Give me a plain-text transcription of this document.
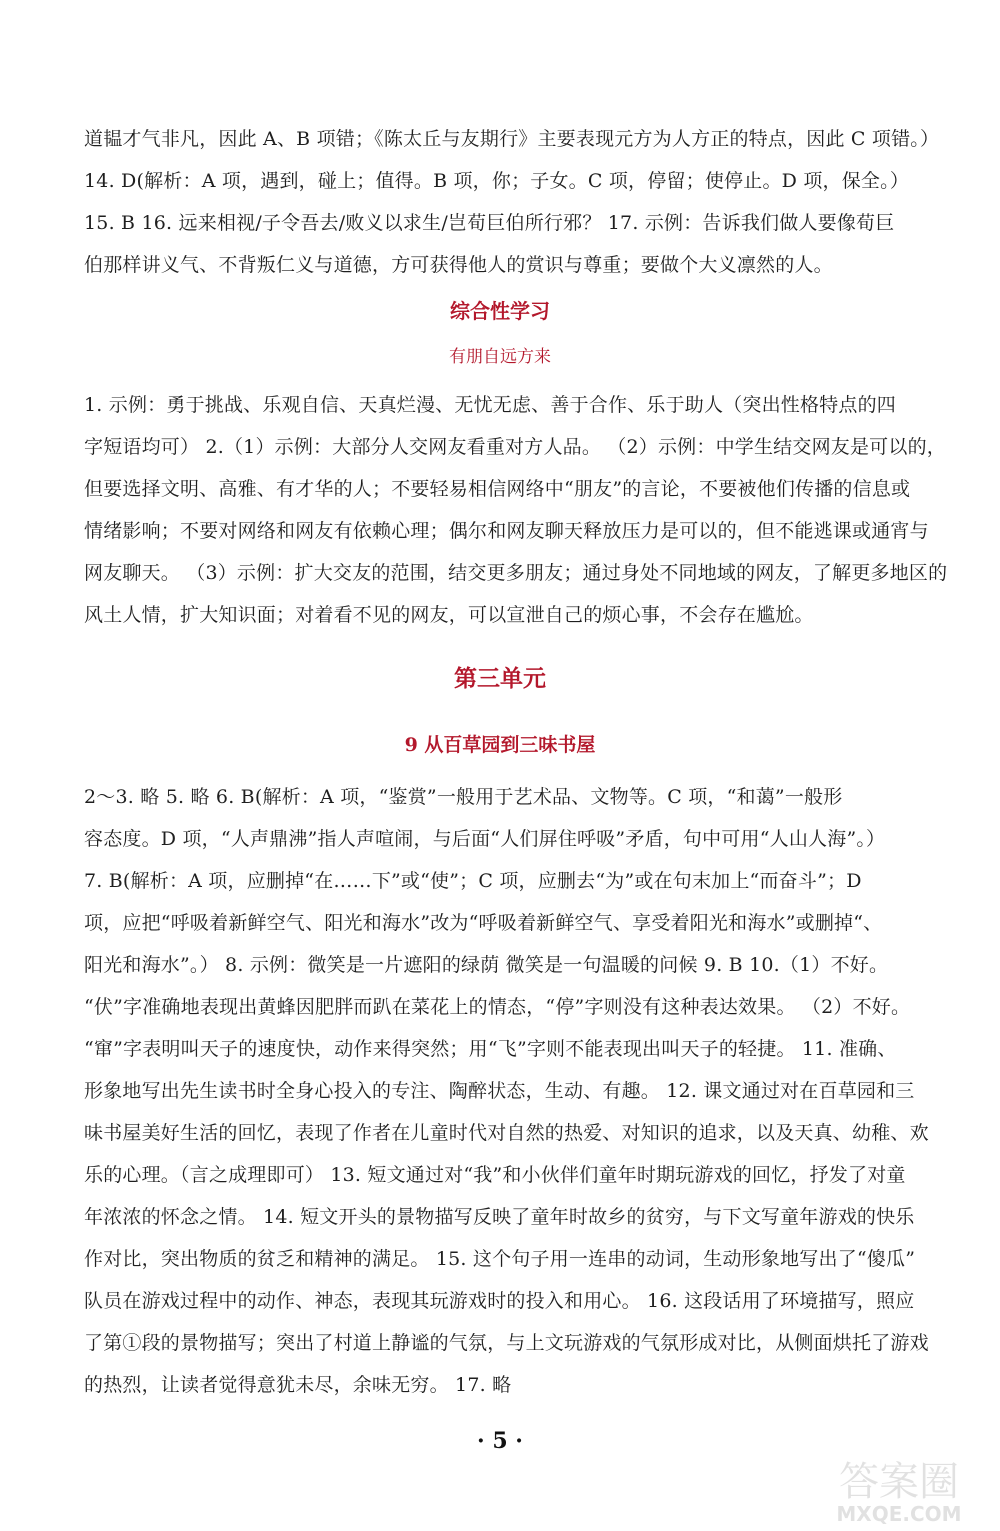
道韫才气非凡，因此 A、B 项错；《陈太丘与友期行》主要表现元方为人方正的特点，因此 C 项错。）
14. D(解析：A 项，遇到，碰上；值得。B 项，你；子女。C 项，停留；使停止。D 项，保全。）
15. B 16. 远来相视/子令吾去/败义以求生/岂荀巨伯所行邪？ 17. 示例：告诉我们做人要像荀巨
伯那样讲义气、不背叛仁义与道德，方可获得他人的赏识与尊重；要做个大义凛然的人。
综合性学习
有朋自远方来
1. 示例：勇于挑战、乐观自信、天真烂漫、无忧无虑、善于合作、乐于助人（突出性格特点的四
字短语均可） 2.（1）示例：大部分人交网友看重对方人品。 （2）示例：中学生结交网友是可以的，
但要选择文明、高雅、有才华的人；不要轻易相信网络中“朋友”的言论，不要被他们传播的信息或
情绪影响；不要对网络和网友有依赖心理；偶尔和网友聊天释放压力是可以的，但不能逃课或通宵与
网友聊天。 （3）示例：扩大交友的范围，结交更多朋友；通过身处不同地域的网友，了解更多地区的
风土人情，扩大知识面；对着看不见的网友，可以宣泄自己的烦心事，不会存在尴尬。
第三单元
9 从百草园到三味书屋
2～3. 略 5. 略 6. B(解析：A 项，“鉴赏”一般用于艺术品、文物等。C 项，“和蔼”一般形
容态度。D 项，“人声鼎沸”指人声喧闹，与后面“人们屏住呼吸”矛盾，句中可用“人山人海”。）
7. B(解析：A 项，应删掉“在……下”或“使”；C 项，应删去“为”或在句末加上“而奋斗”；D
项，应把“呼吸着新鲜空气、阳光和海水”改为“呼吸着新鲜空气、享受着阳光和海水”或删掉“、
阳光和海水”。） 8. 示例：微笑是一片遮阳的绿荫 微笑是一句温暖的问候 9. B 10.（1）不好。
“伏”字准确地表现出黄蜂因肥胖而趴在菜花上的情态，“停”字则没有这种表达效果。 （2）不好。
“窜”字表明叫天子的速度快，动作来得突然；用“飞”字则不能表现出叫天子的轻捷。 11. 准确、
形象地写出先生读书时全身心投入的专注、陶醉状态，生动、有趣。 12. 课文通过对在百草园和三
味书屋美好生活的回忆，表现了作者在儿童时代对自然的热爱、对知识的追求，以及天真、幼稚、欢
乐的心理。（言之成理即可） 13. 短文通过对“我”和小伙伴们童年时期玩游戏的回忆，抒发了对童
年浓浓的怀念之情。 14. 短文开头的景物描写反映了童年时故乡的贫穷，与下文写童年游戏的快乐
作对比，突出物质的贫乏和精神的满足。 15. 这个句子用一连串的动词，生动形象地写出了“傻瓜”
队员在游戏过程中的动作、神态，表现其玩游戏时的投入和用心。 16. 这段话用了环境描写，照应
了第①段的景物描写；突出了村道上静谧的气氛，与上文玩游戏的气氛形成对比，从侧面烘托了游戏
的热烈，让读者觉得意犹未尽，余味无穷。 17. 略
· 5 ·
答案圈
MXQE.COM
